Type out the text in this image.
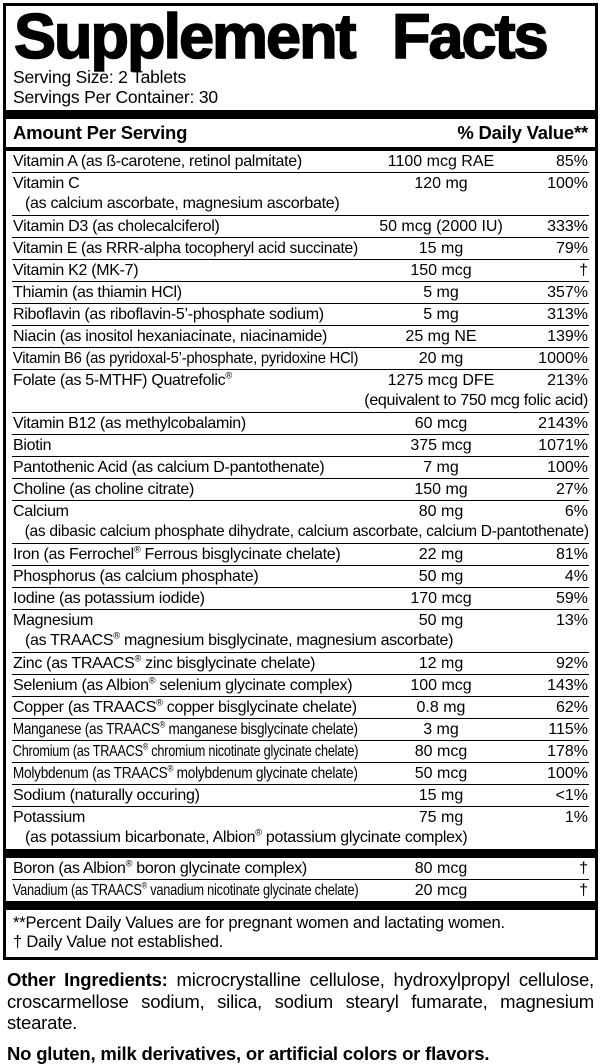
Supplement Facts
Serving Size: 2 Tablets
Servings Per Container: 30
Amount Per Serving	% Daily Value**
Vitamin A (as ß-carotene, retinol palmitate)	1100 mcg RAE	85%
Vitamin C	120 mg	100%
(as calcium ascorbate, magnesium ascorbate)
Vitamin D3 (as cholecalciferol)	50 mcg (2000 IU)	333%
Vitamin E (as RRR-alpha tocopheryl acid succinate)	15 mg	79%
Vitamin K2 (MK-7)	150 mcg	†
Thiamin (as thiamin HCl)	5 mg	357%
Riboflavin (as riboflavin-5’-phosphate sodium)	5 mg	313%
Niacin (as inositol hexaniacinate, niacinamide)	25 mg NE	139%
Vitamin B6 (as pyridoxal-5’-phosphate, pyridoxine HCl)	20 mg	1000%
Folate (as 5-MTHF) Quatrefolic®	1275 mcg DFE	213%
(equivalent to 750 mcg folic acid)
Vitamin B12 (as methylcobalamin)	60 mcg	2143%
Biotin	375 mcg	1071%
Pantothenic Acid (as calcium D-pantothenate)	7 mg	100%
Choline (as choline citrate)	150 mg	27%
Calcium	80 mg	6%
(as dibasic calcium phosphate dihydrate, calcium ascorbate, calcium D-pantothenate)
Iron (as Ferrochel® Ferrous bisglycinate chelate)	22 mg	81%
Phosphorus (as calcium phosphate)	50 mg	4%
Iodine (as potassium iodide)	170 mcg	59%
Magnesium	50 mg	13%
(as TRAACS® magnesium bisglycinate, magnesium ascorbate)
Zinc (as TRAACS® zinc bisglycinate chelate)	12 mg	92%
Selenium (as Albion® selenium glycinate complex)	100 mcg	143%
Copper (as TRAACS® copper bisglycinate chelate)	0.8 mg	62%
Manganese (as TRAACS® manganese bisglycinate chelate)	3 mg	115%
Chromium (as TRAACS® chromium nicotinate glycinate chelate)	80 mcg	178%
Molybdenum (as TRAACS® molybdenum glycinate chelate)	50 mcg	100%
Sodium (naturally occuring)	15 mg	<1%
Potassium	75 mg	1%
(as potassium bicarbonate, Albion® potassium glycinate complex)
Boron (as Albion® boron glycinate complex)	80 mcg	†
Vanadium (as TRAACS® vanadium nicotinate glycinate chelate)	20 mcg	†
**Percent Daily Values are for pregnant women and lactating women.
† Daily Value not established.

Other Ingredients: microcrystalline cellulose, hydroxylpropyl cellulose, croscarmellose sodium, silica, sodium stearyl fumarate, magnesium stearate.

No gluten, milk derivatives, or artificial colors or flavors.
